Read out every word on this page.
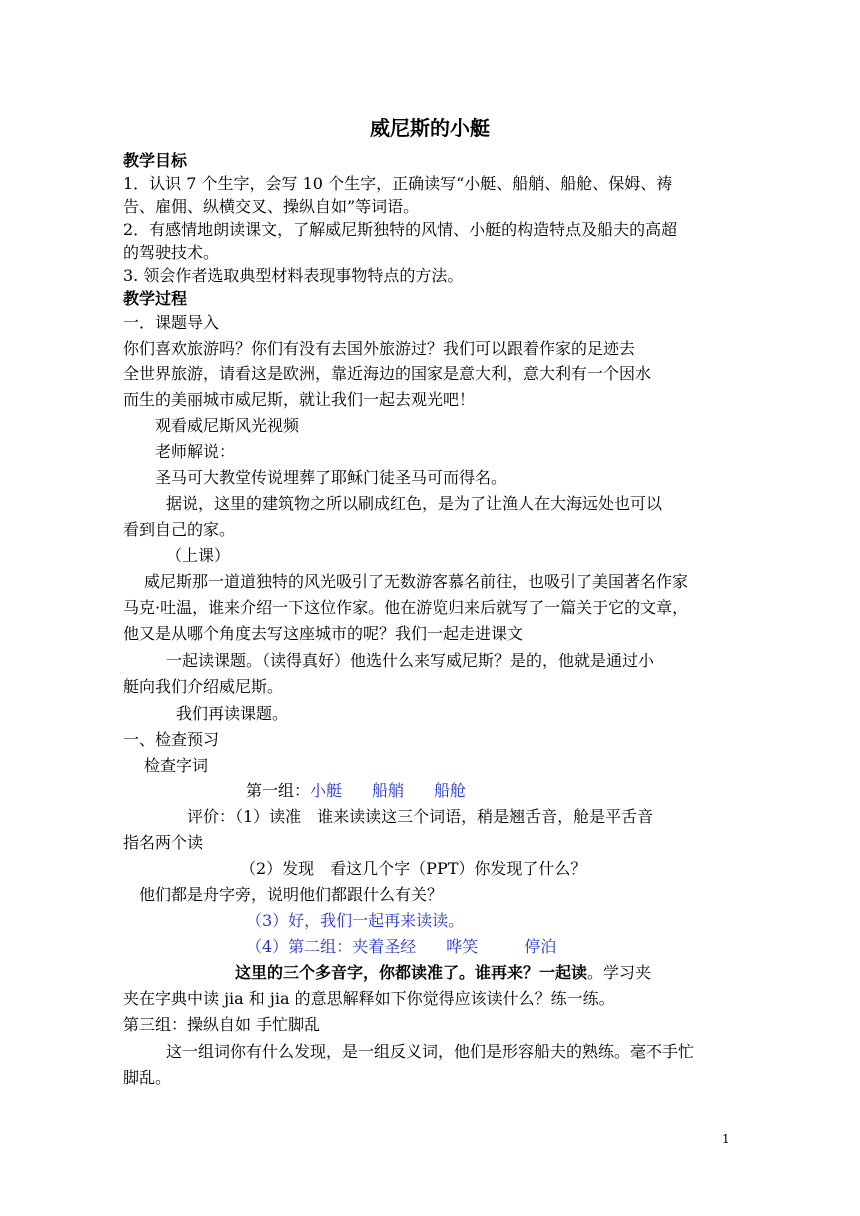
威尼斯的小艇
教学目标
1．认识 7 个生字，会写 10 个生字，正确读写“小艇、船艄、船舱、保姆、祷
告、雇佣、纵横交叉、操纵自如”等词语。
2．有感情地朗读课文，了解威尼斯独特的风情、小艇的构造特点及船夫的高超
的驾驶技术。
3. 领会作者选取典型材料表现事物特点的方法。
教学过程
一．课题导入
你们喜欢旅游吗？你们有没有去国外旅游过？我们可以跟着作家的足迹去
全世界旅游，请看这是欧洲，靠近海边的国家是意大利，意大利有一个因水
而生的美丽城市威尼斯，就让我们一起去观光吧！
观看威尼斯风光视频
老师解说：
圣马可大教堂传说埋葬了耶稣门徒圣马可而得名。
据说，这里的建筑物之所以刷成红色，是为了让渔人在大海远处也可以
看到自己的家。
（上课）
威尼斯那一道道独特的风光吸引了无数游客慕名前往，也吸引了美国著名作家
马克·吐温，谁来介绍一下这位作家。他在游览归来后就写了一篇关于它的文章，
他又是从哪个角度去写这座城市的呢？我们一起走进课文
一起读课题。（读得真好）他选什么来写威尼斯？是的，他就是通过小
艇向我们介绍威尼斯。
我们再读课题。
一、检查预习
检查字词
第一组：小艇 船艄 船舱
评价：（1）读准　谁来读读这三个词语，稍是翘舌音，舱是平舌音
指名两个读
（2）发现　看这几个字（PPT）你发现了什么？
他们都是舟字旁，说明他们都跟什么有关？
（3）好，我们一起再来读读。
（4）第二组：夹着圣经 哗笑	停泊
这里的三个多音字，你都读准了。谁再来？一起读。学习夹
夹在字典中读 jia 和 jia 的意思解释如下你觉得应该读什么？练一练。
第三组：操纵自如 手忙脚乱
这一组词你有什么发现，是一组反义词，他们是形容船夫的熟练。毫不手忙
脚乱。
1
